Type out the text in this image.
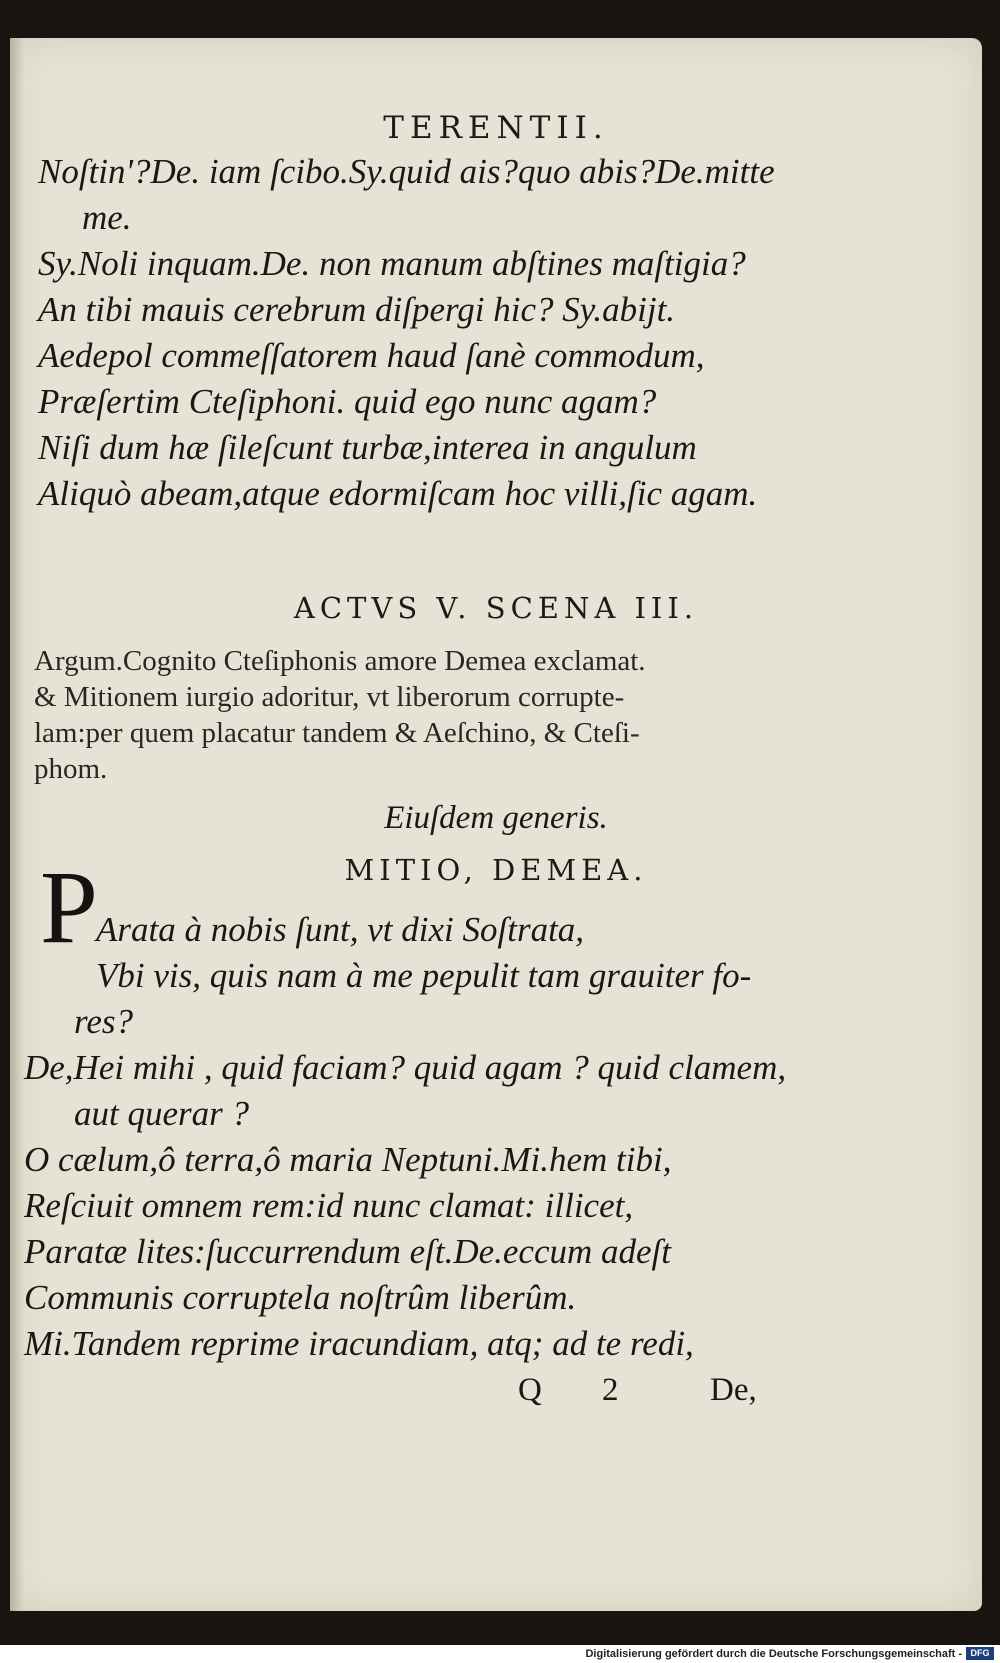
TERENTII.
Noſtin'?De. iam ſcibo.Sy.quid ais?quo abis?De.mitte
me.
Sy.Noli inquam.De. non manum abſtines maſtigia?
An tibi mauis cerebrum diſpergi hic? Sy.abijt.
Aedepol commeſſatorem haud ſanè commodum,
Præſertim Cteſiphoni. quid ego nunc agam?
Niſi dum hæ ſileſcunt turbæ,interea in angulum
Aliquò abeam,atque edormiſcam hoc villi,ſic agam.
ACTVS V. SCENA III.
Argum.Cognito Cteſiphonis amore Demea exclamat.
& Mitionem iurgio adoritur, vt liberorum corrupte-
lam:per quem placatur tandem & Aeſchino, & Cteſi-
phom.
Eiuſdem generis.
MITIO, DEMEA.
P
Arata à nobis ſunt, vt dixi Soſtrata,
Vbi vis, quis nam à me pepulit tam grauiter fo-
res?
De,Hei mihi , quid faciam? quid agam ? quid clamem,
aut querar ?
O cælum,ô terra,ô maria Neptuni.Mi.hem tibi,
Reſciuit omnem rem:id nunc clamat: illicet,
Paratæ lites:ſuccurrendum eſt.De.eccum adeſt
Communis corruptela noſtrûm liberûm.
Mi.Tandem reprime iracundiam, atq; ad te redi,
Q 2	De,
Digitalisierung gefördert durch die Deutsche Forschungsgemeinschaft - DFG
